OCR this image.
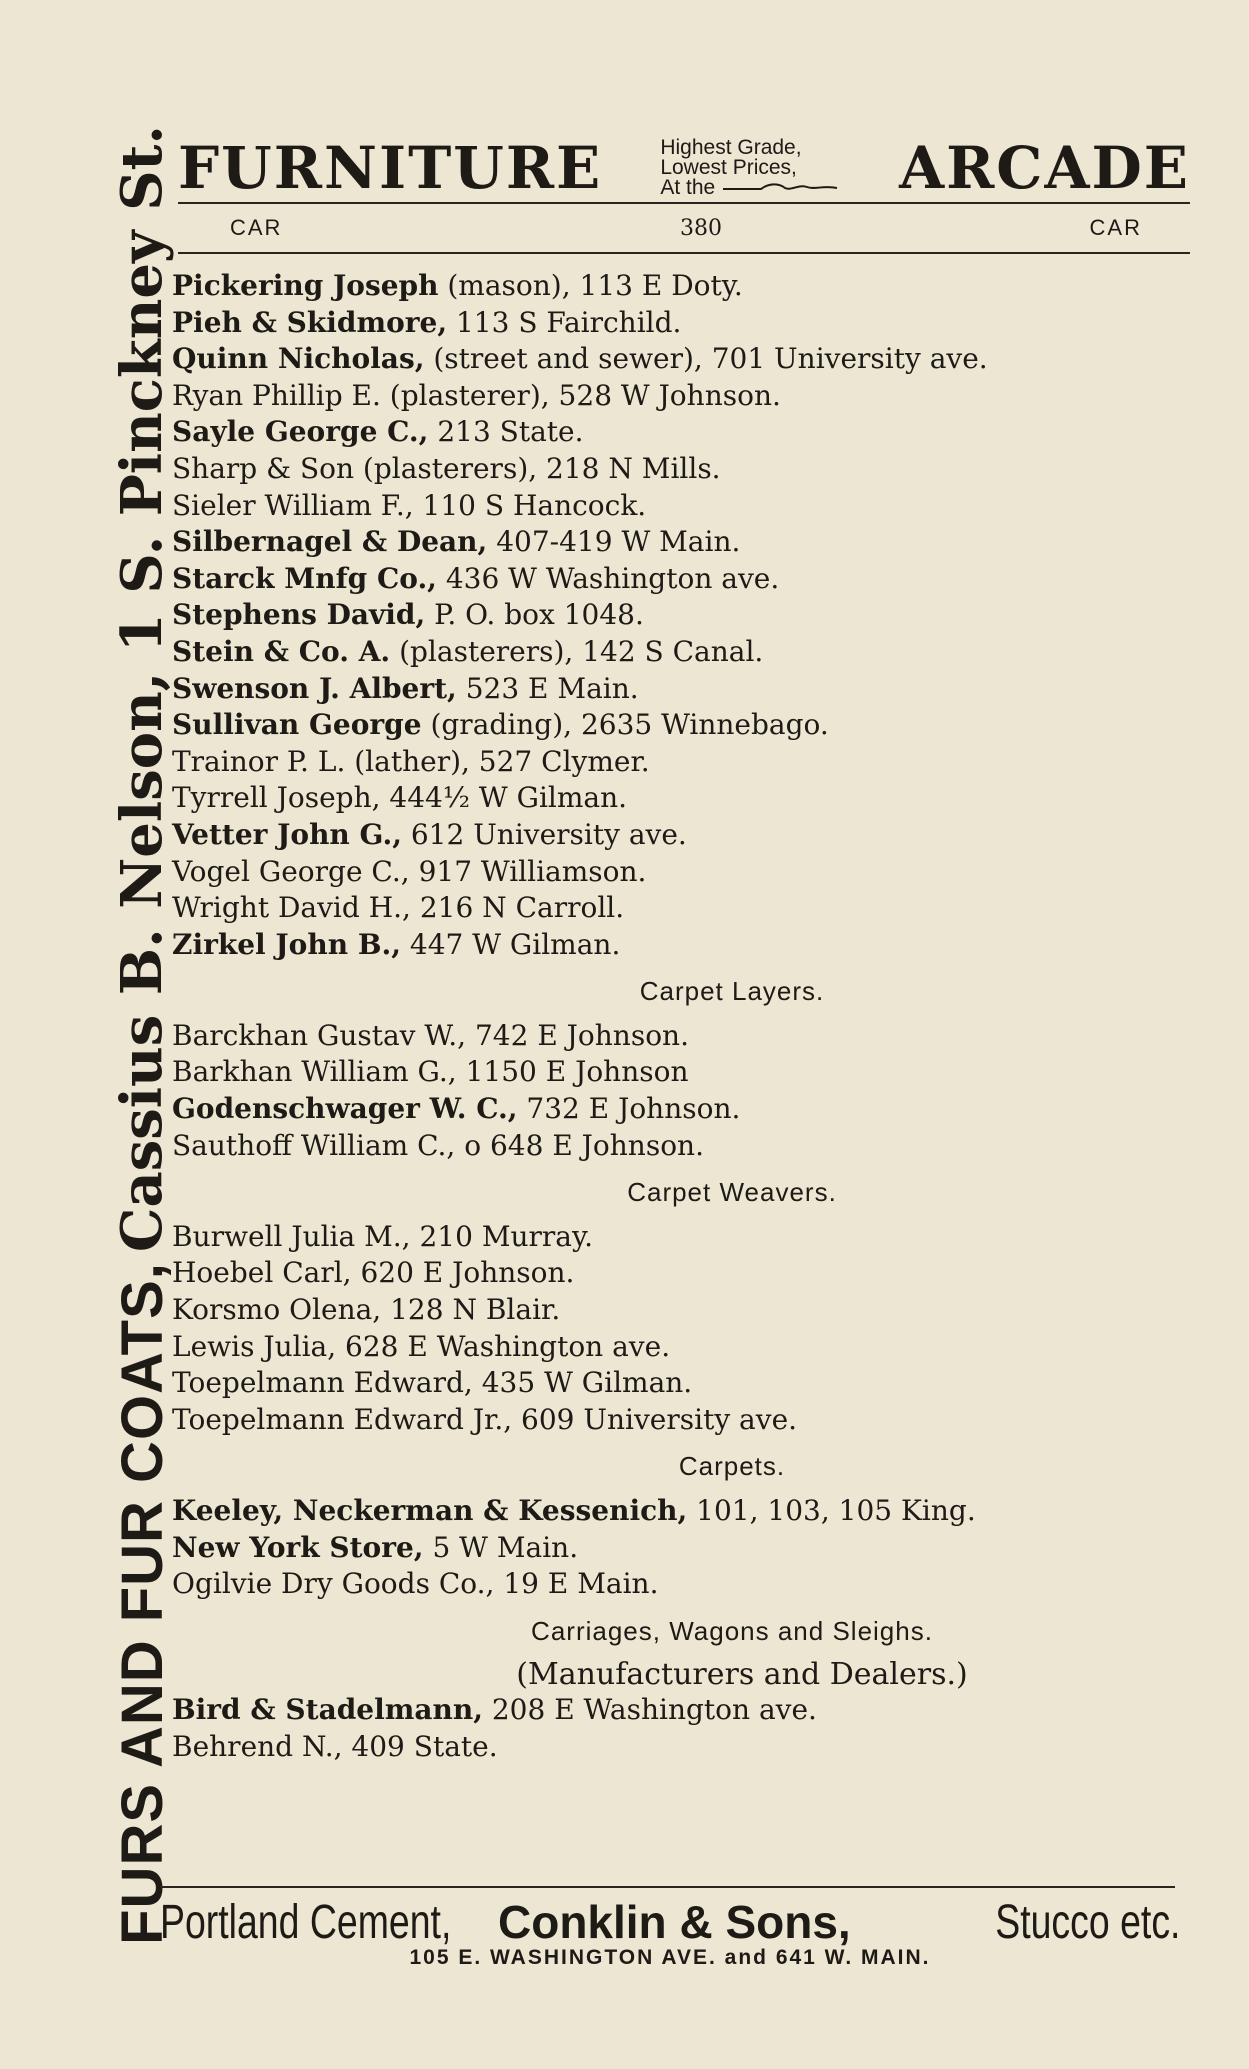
FURS AND FUR COATS,
Cassius B. Nelson, 1 S. Pinckney St. FURNITURE	Highest Grade,
Lowest Prices,
At the	ARCADE
CAR	380	CAR
Pickering Joseph (mason), 113 E Doty.
Pieh & Skidmore, 113 S Fairchild.
Quinn Nicholas, (street and sewer), 701 University ave.
Ryan Phillip E. (plasterer), 528 W Johnson.
Sayle George C., 213 State.
Sharp & Son (plasterers), 218 N Mills.
Sieler William F., 110 S Hancock.
Silbernagel & Dean, 407-419 W Main.
Starck Mnfg Co., 436 W Washington ave.
Stephens David, P. O. box 1048.
Stein & Co. A. (plasterers), 142 S Canal.
Swenson J. Albert, 523 E Main.
Sullivan George (grading), 2635 Winnebago.
Trainor P. L. (lather), 527 Clymer.
Tyrrell Joseph, 444½ W Gilman.
Vetter John G., 612 University ave.
Vogel George C., 917 Williamson.
Wright David H., 216 N Carroll.
Zirkel John B., 447 W Gilman.
Carpet Layers.
Barckhan Gustav W., 742 E Johnson.
Barkhan William G., 1150 E Johnson
Godenschwager W. C., 732 E Johnson.
Sauthoff William C., o 648 E Johnson.
Carpet Weavers.
Burwell Julia M., 210 Murray.
Hoebel Carl, 620 E Johnson.
Korsmo Olena, 128 N Blair.
Lewis Julia, 628 E Washington ave.
Toepelmann Edward, 435 W Gilman.
Toepelmann Edward Jr., 609 University ave.
Carpets.
Keeley, Neckerman & Kessenich, 101, 103, 105 King.
New York Store, 5 W Main.
Ogilvie Dry Goods Co., 19 E Main.
Carriages, Wagons and Sleighs.
(Manufacturers and Dealers.)
Bird & Stadelmann, 208 E Washington ave.
Behrend N., 409 State.
Portland Cement, Conklin & Sons,	Stucco etc.
105 E. WASHINGTON AVE. and 641 W. MAIN.
